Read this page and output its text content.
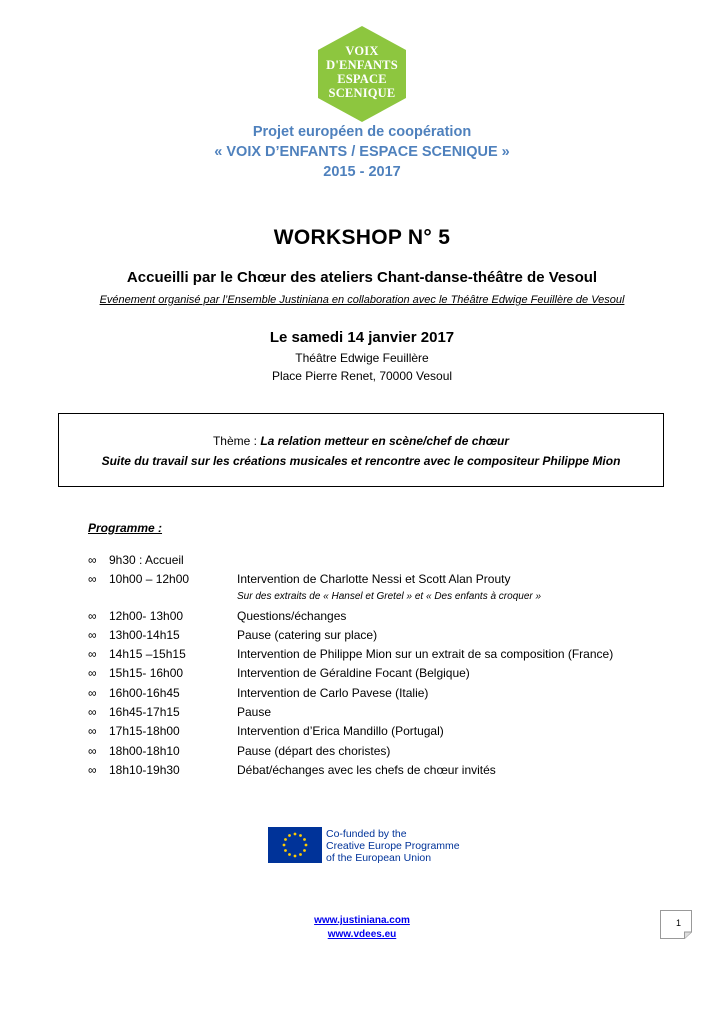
VOIX
D'ENFANTS
ESPACE
SCENIQUE
Projet européen de coopération
« VOIX D’ENFANTS / ESPACE SCENIQUE »
2015 - 2017
WORKSHOP N° 5
Accueilli par le Chœur des ateliers Chant-danse-théâtre de Vesoul
Evénement organisé par l’Ensemble Justiniana en collaboration avec le Théâtre Edwige Feuillère de Vesoul
Le samedi 14 janvier 2017
Théâtre Edwige Feuillère
Place Pierre Renet, 70000 Vesoul
Thème : La relation metteur en scène/chef de chœur
Suite du travail sur les créations musicales et rencontre avec le compositeur Philippe Mion
Programme :
∞ 9h30 : Accueil
∞ 10h00 – 12h00	Intervention de Charlotte Nessi et Scott Alan Prouty
Sur des extraits de « Hansel et Gretel » et « Des enfants à croquer »
∞ 12h00- 13h00	Questions/échanges
∞ 13h00-14h15	Pause (catering sur place)
∞ 14h15 –15h15	Intervention de Philippe Mion sur un extrait de sa composition (France)
∞ 15h15- 16h00	Intervention de Géraldine Focant (Belgique)
∞ 16h00-16h45	Intervention de Carlo Pavese (Italie)
∞ 16h45-17h15	Pause
∞ 17h15-18h00	Intervention d’Erica Mandillo (Portugal)
∞ 18h00-18h10	Pause (départ des choristes)
∞ 18h10-19h30	Débat/échanges avec les chefs de chœur invités
Co-funded by the
Creative Europe Programme
of the European Union
www.justiniana.com
www.vdees.eu
1
